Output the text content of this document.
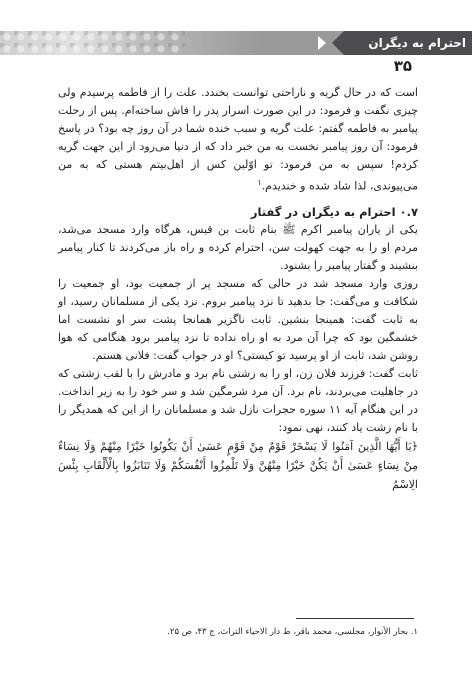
احترام به دیگران
۳۵

است که در حال گریه و ناراحتی توانست بخندد. علت را از فاطمه پرسیدم ولی چیزی نگفت و فرمود: در این صورت اسرار پدر را فاش ساخته‌ام. پس از رحلت پیامبر به فاطمه گفتم: علت گریه و سبب خنده شما در آن روز چه بود؟ در پاسخ فرمود: آن روز پیامبر نخست به من خبر داد که از دنیا می‌رود از این جهت گریه کردم! سپس به من فرمود: تو اوّلین کس از اهل‌بیتم هستی که به من می‌پیوندی، لذا شاد شده و خندیدم.$^۱$

۰.۷ احترام به دیگران در گفتار

یکی از یاران پیامبر اکرم ﷺ بنام ثابت بن قیس، هرگاه وارد مسجد می‌شد، مردم او را به جهت کهولت سن، احترام کرده و راه باز می‌کردند تا کنار پیامبر بنشیند و گفتار پیامبر را بشنود.

روزی وارد مسجد شد در حالی که مسجد پر از جمعیت بود، او جمعیت را شکافت و می‌گفت: جا بدهید تا نزد پیامبر بروم. نزد یکی از مسلمانان رسید، او به ثابت گفت: همینجا بنشین. ثابت ناگزیر همانجا پشت سر او نشست اما خشمگین بود که چرا آن مرد به او راه نداده تا نزد پیامبر برود هنگامی که هوا روشن شد، ثابت از او پرسید تو کیستی؟ او در جواب گفت: فلانی هستم.

ثابت گفت: فرزند فلان زن، او را به زشتی نام برد و مادرش را با لقب زشتی که در جاهلیت می‌بردند، نام برد. آن مرد شرمگین شد و سر خود را به زیر انداخت. در این هنگام آیه ۱۱ سوره حجرات نازل شد و مسلمانان را از این که همدیگر را با نام زشت یاد کنند، نهی نمود:

﴿يَا أَيُّهَا الَّذِينَ آمَنُوا لَا يَسْخَرْ قَوْمٌ مِنْ قَوْمٍ عَسَىٰ أَنْ يَكُونُوا خَيْرًا مِنْهُمْ وَلَا نِسَاءٌ مِنْ نِسَاءٍ عَسَىٰ أَنْ يَكُنَّ خَيْرًا مِنْهُنَّ وَلَا تَلْمِزُوا أَنْفُسَكُمْ وَلَا تَنَابَزُوا بِالْأَلْقَابِ بِئْسَ الِاسْمُ

۱. بحار الأنوار، مجلسی، محمد باقر، ط دار الاحیاء التراث، ج ۴۳، ص ۲۵.
